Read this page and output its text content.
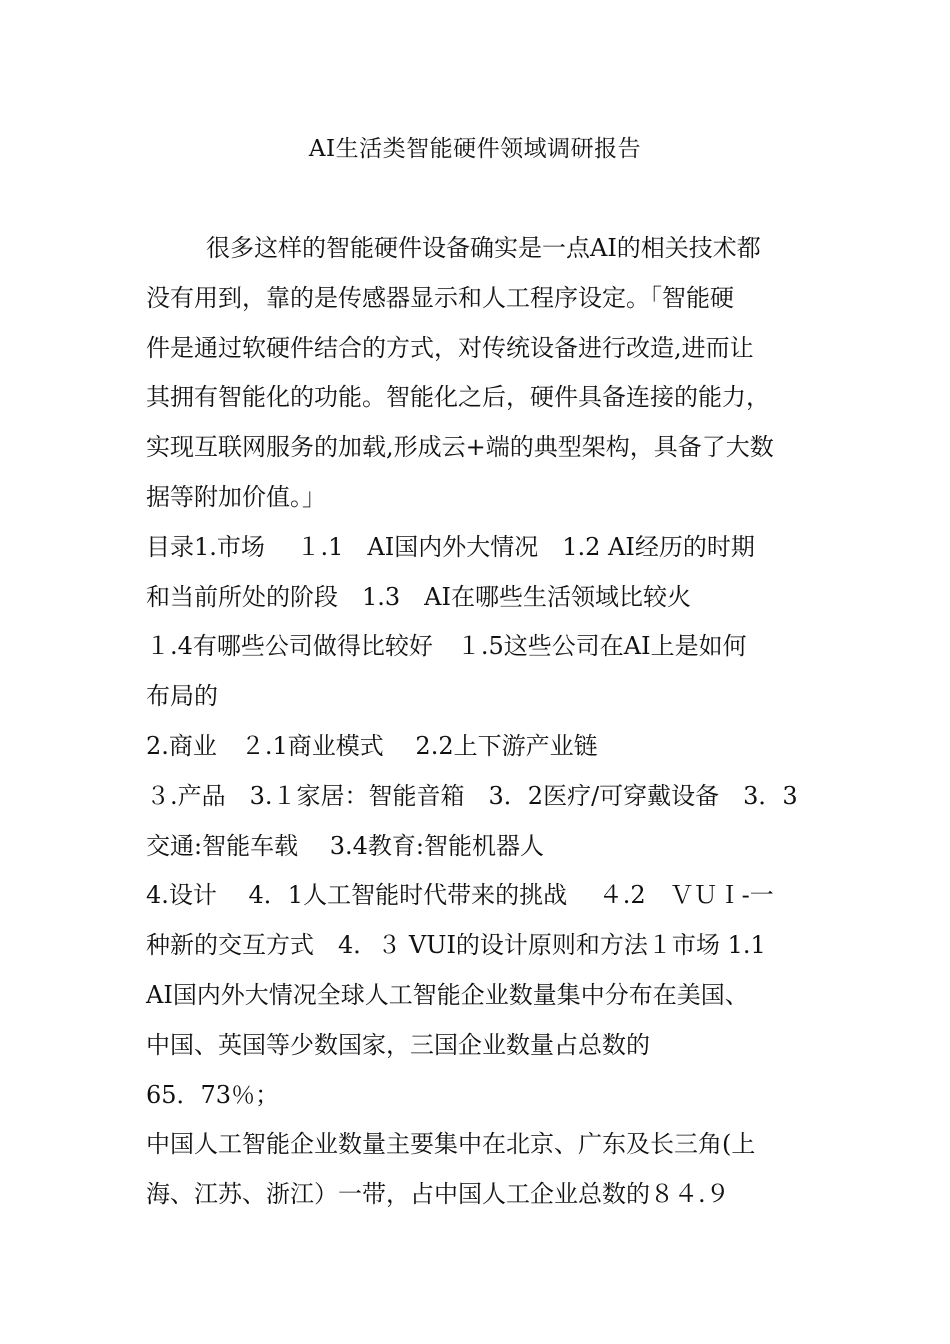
AI生活类智能硬件领域调研报告
很多这样的智能硬件设备确实是一点AI的相关技术都
没有用到，靠的是传感器显示和人工程序设定。「智能硬
件是通过软硬件结合的方式，对传统设备进行改造,进而让
其拥有智能化的功能。智能化之后，硬件具备连接的能力，
实现互联网服务的加载,形成云+端的典型架构，具备了大数
据等附加价值。」
目录1.市场　 １.1　AI国内外大情况　1.2 AI经历的时期
和当前所处的阶段　1.3　AI在哪些生活领域比较火
１.4有哪些公司做得比较好　１.5这些公司在AI上是如何
布局的
2.商业　２.1商业模式　 2.2上下游产业链
３.产品　3.１家居：智能音箱　3．2医疗/可穿戴设备　3．3
交通:智能车载　 3.4教育:智能机器人
4.设计　 4．1人工智能时代带来的挑战　 ４.2　ＶＵＩ-一
种新的交互方式　4．３ VUI的设计原则和方法１市场 1.1
AI国内外大情况全球人工智能企业数量集中分布在美国、
中国、英国等少数国家，三国企业数量占总数的
65．73％；
中国人工智能企业数量主要集中在北京、广东及长三角(上
海、江苏、浙江）一带，占中国人工企业总数的８４.９
